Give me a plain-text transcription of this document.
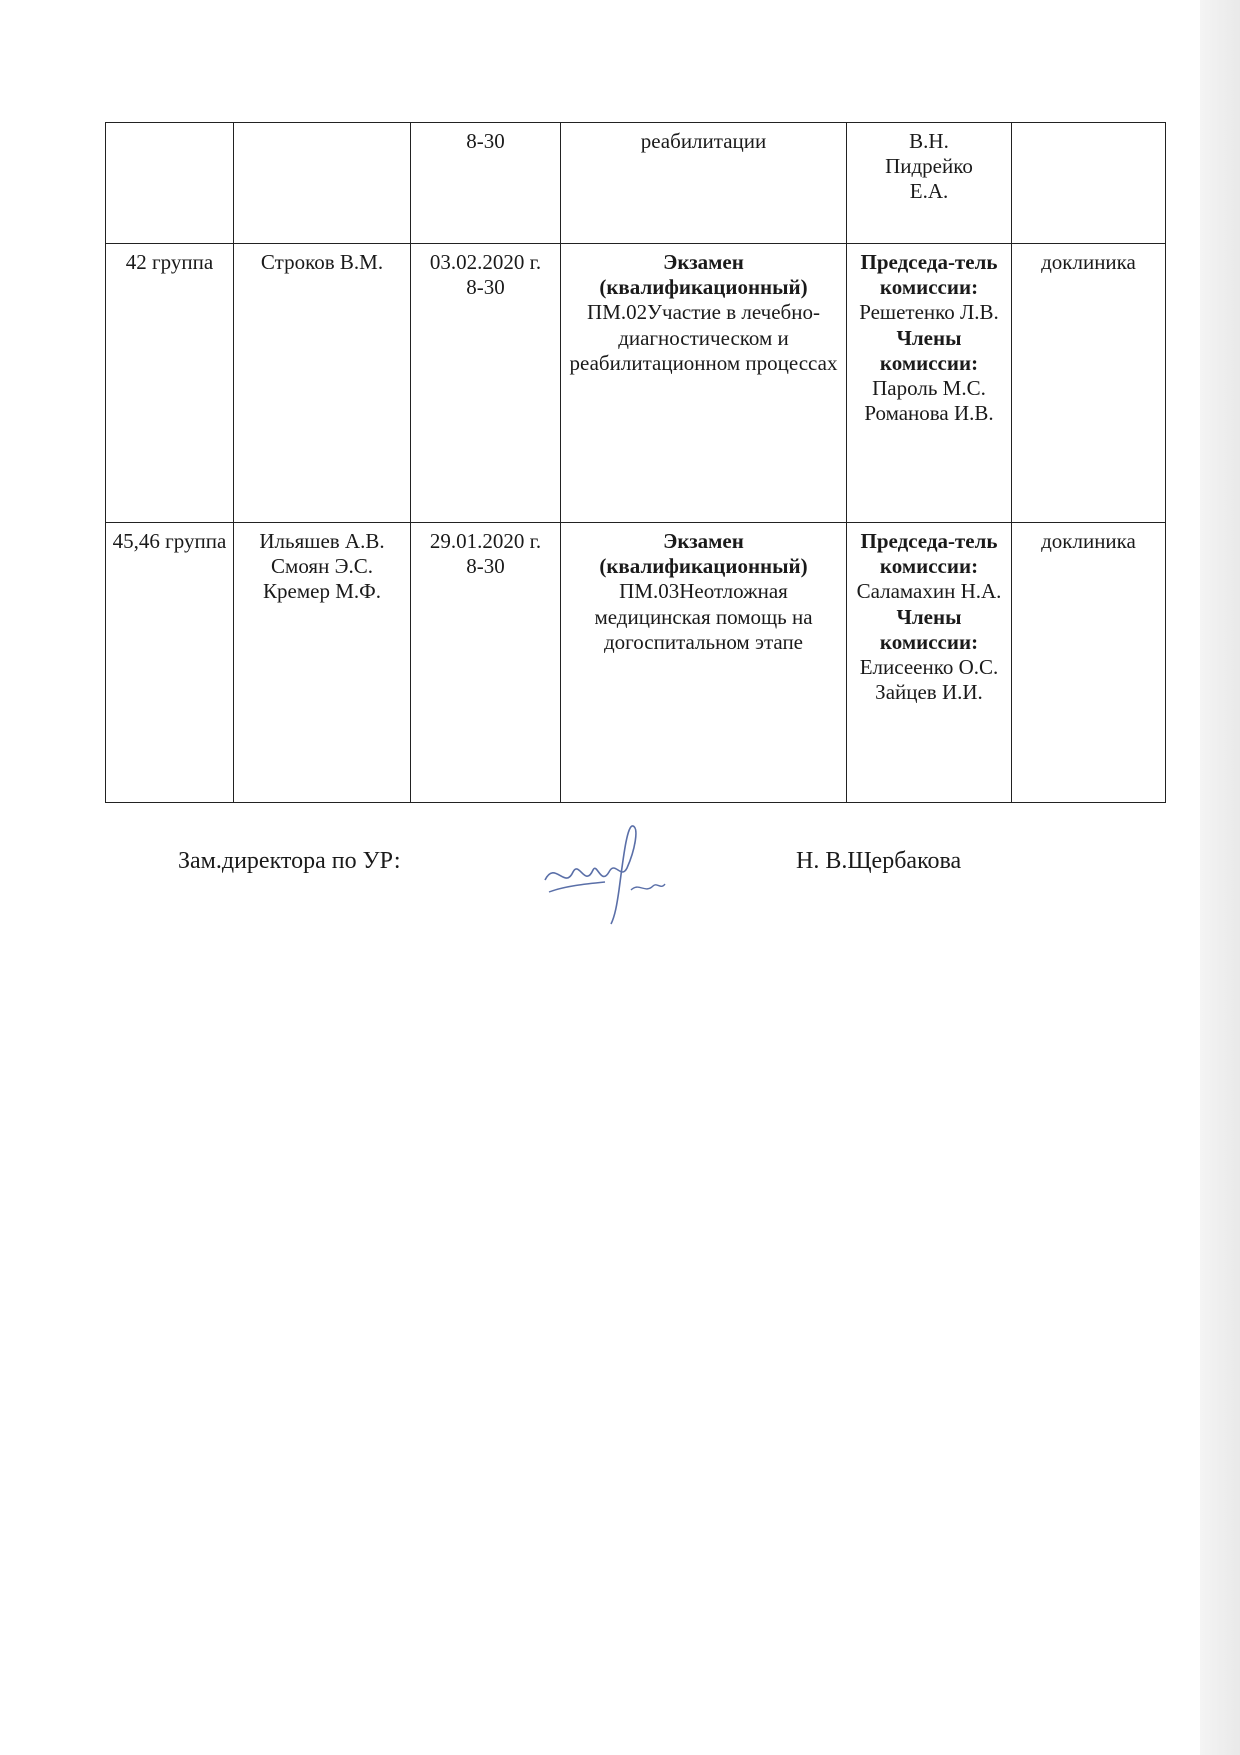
		8-30	реабилитации	В.Н.
Пидрейко
Е.А.	

42 группа	Строков В.М.	03.02.2020 г.
8-30	Экзамен (квалификационный)
ПМ.02Участие в лечебно-диагностическом и реабилитационном процессах	Председа-тель комиссии:
Решетенко Л.В.
Члены комиссии:
Пароль М.С.
Романова И.В.	доклиника
45,46 группа	Ильяшев А.В.
Смоян Э.С.
Кремер М.Ф.	29.01.2020 г.
8-30	Экзамен (квалификационный)
ПМ.03Неотложная медицинская помощь на догоспитальном этапе	Председа-тель комиссии:
Саламахин Н.А.
Члены комиссии:
Елисеенко О.С.
Зайцев И.И.	доклиника
Зам.директора по УР:	Н. В.Щербакова
